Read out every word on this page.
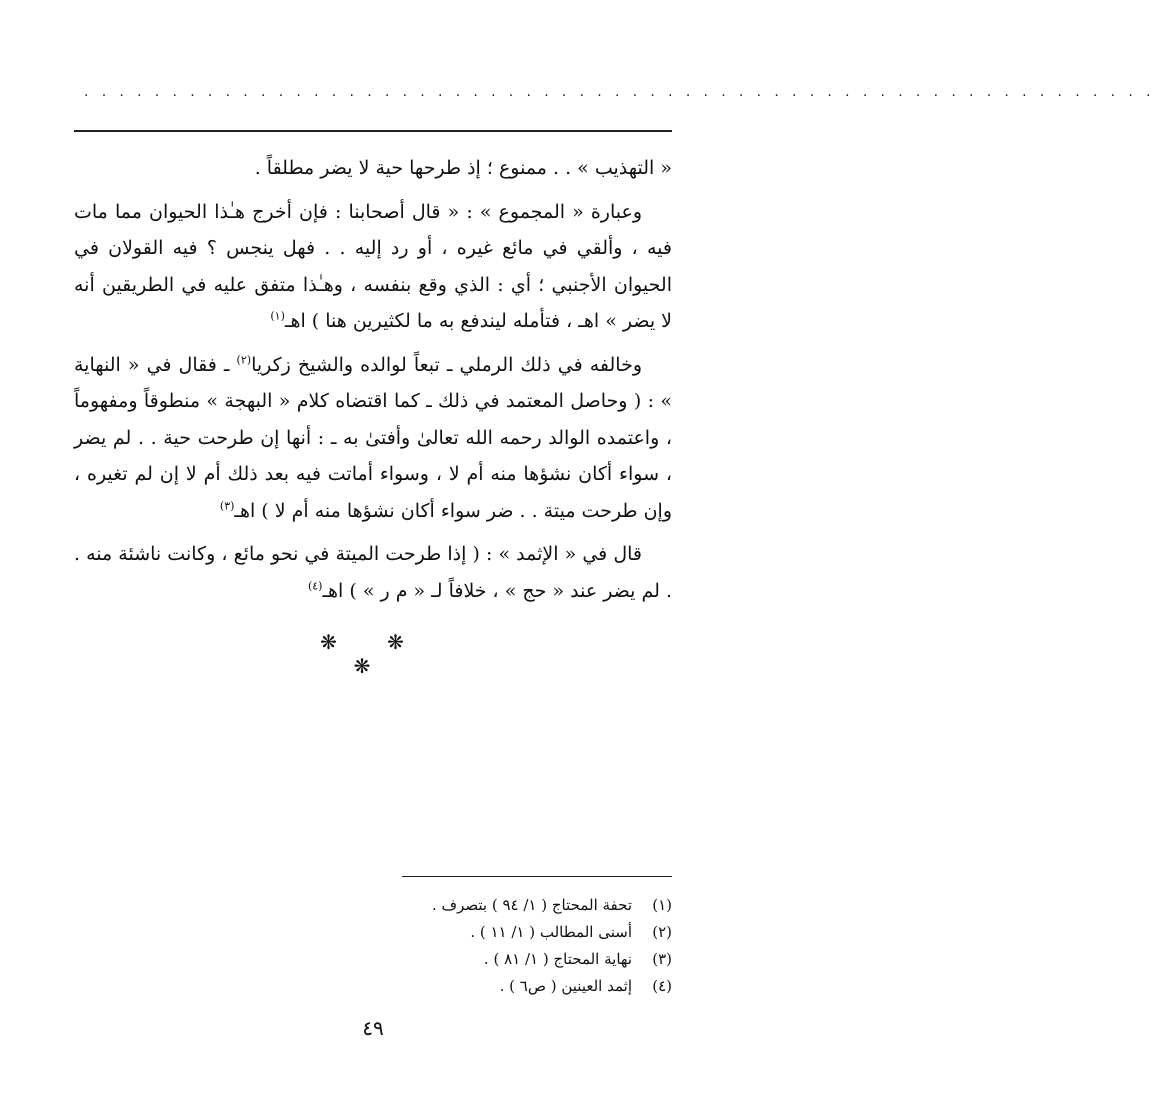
. . . . . . . . . . . . . . . . . . . . . . . . . . . . . . . . . . . . . . . . . . . . . . . . . . . . . . . . . . . . .

« التهذيب » . . ممنوع ؛ إذ طرحها حية لا يضر مطلقاً .

وعبارة « المجموع » : « قال أصحابنا : فإن أخرج هـٰذا الحيوان مما مات فيه ، وألقي في مائع غيره ، أو رد إليه . . فهل ينجس ؟ فيه القولان في الحيوان الأجنبي ؛ أي : الذي وقع بنفسه ، وهـٰذا متفق عليه في الطريقين أنه لا يضر » اهـ ، فتأمله ليندفع به ما لكثيرين هنا ) اهـ$^{(١)}$

وخالفه في ذلك الرملي ـ تبعاً لوالده والشيخ زكريا$^{(٢)}$ ـ فقال في « النهاية » : ( وحاصل المعتمد في ذلك ـ كما اقتضاه كلام « البهجة » منطوقاً ومفهوماً ، واعتمده الوالد رحمه الله تعالىٰ وأفتىٰ به ـ : أنها إن طرحت حية . . لم يضر ، سواء أكان نشؤها منه أم لا ، وسواء أماتت فيه بعد ذلك أم لا إن لم تغيره ، وإن طرحت ميتة . . ضر سواء أكان نشؤها منه أم لا ) اهـ$^{(٣)}$

قال في « الإثمد » : ( إذا طرحت الميتة في نحو مائع ، وكانت ناشئة منه . . لم يضر عند « حج » ، خلافاً لـ « م ر » ) اهـ$^{(٤)}$

❋ ❋ ❋
(١)تحفة المحتاج ( ١/ ٩٤ ) بتصرف .
(٢)أسنى المطالب ( ١/ ١١ ) .
(٣)نهاية المحتاج ( ١/ ٨١ ) .
(٤)إثمد العينين ( ص٦ ) .
٤٩
